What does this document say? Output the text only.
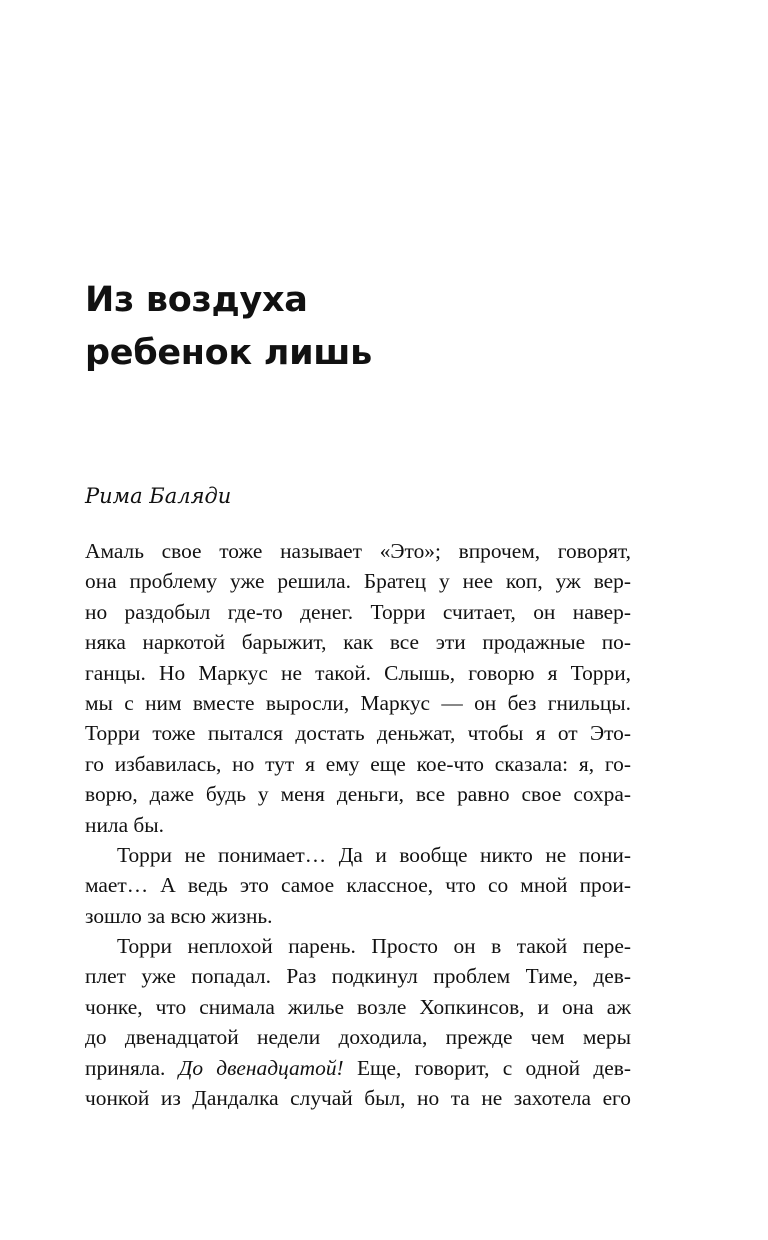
Из воздуха
ребенок лишь
Рима Баляди
Амаль свое тоже называет «Это»; впрочем, говорят,
она проблему уже решила. Братец у нее коп, уж вер-
но раздобыл где-то денег. Торри считает, он навер-
няка наркотой барыжит, как все эти продажные по-
ганцы. Но Маркус не такой. Слышь, говорю я Торри,
мы с ним вместе выросли, Маркус — он без гнильцы.
Торри тоже пытался достать деньжат, чтобы я от Это-
го избавилась, но тут я ему еще кое-что сказала: я, го-
ворю, даже будь у меня деньги, все равно свое сохра-
нила бы.
Торри не понимает… Да и вообще никто не пони-
мает… А ведь это самое классное, что со мной прои-
зошло за всю жизнь.
Торри неплохой парень. Просто он в такой пере-
плет уже попадал. Раз подкинул проблем Тиме, дев-
чонке, что снимала жилье возле Хопкинсов, и она аж
до двенадцатой недели доходила, прежде чем меры
приняла. До двенадцатой! Еще, говорит, с одной дев-
чонкой из Дандалка случай был, но та не захотела его
